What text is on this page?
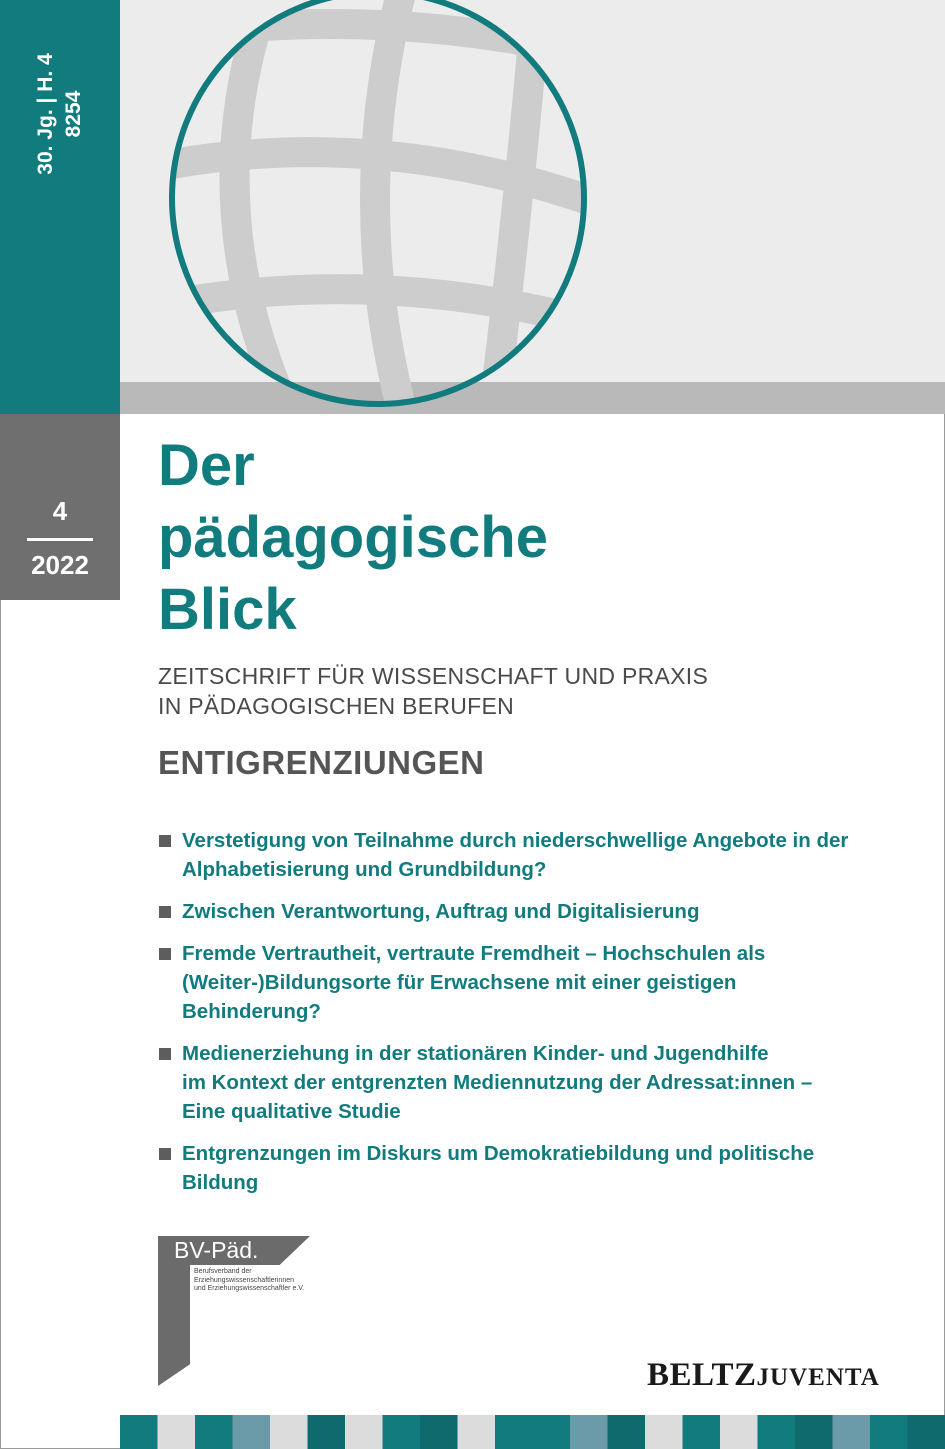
30. Jg. | H. 4 8254
4
2022
Der
pädagogische
Blick
ZEITSCHRIFT FÜR WISSENSCHAFT UND PRAXIS
IN PÄDAGOGISCHEN BERUFEN
ENTIGRENZIUNGEN
Verstetigung von Teilnahme durch niederschwellige Angebote in der
Alphabetisierung und Grundbildung?
Zwischen Verantwortung, Auftrag und Digitalisierung
Fremde Vertrautheit, vertraute Fremdheit – Hochschulen als
(Weiter-)Bildungsorte für Erwachsene mit einer geistigen
Behinderung?
Medienerziehung in der stationären Kinder- und Jugendhilfe
im Kontext der entgrenzten Mediennutzung der Adressat:innen –
Eine qualitative Studie
Entgrenzungen im Diskurs um Demokratiebildung und politische
Bildung
BV-Päd.
Berufsverband der
Erziehungswissenschaftlerinnen
und Erziehungswissenschaftler e.V.
BELTZJUVENTA
